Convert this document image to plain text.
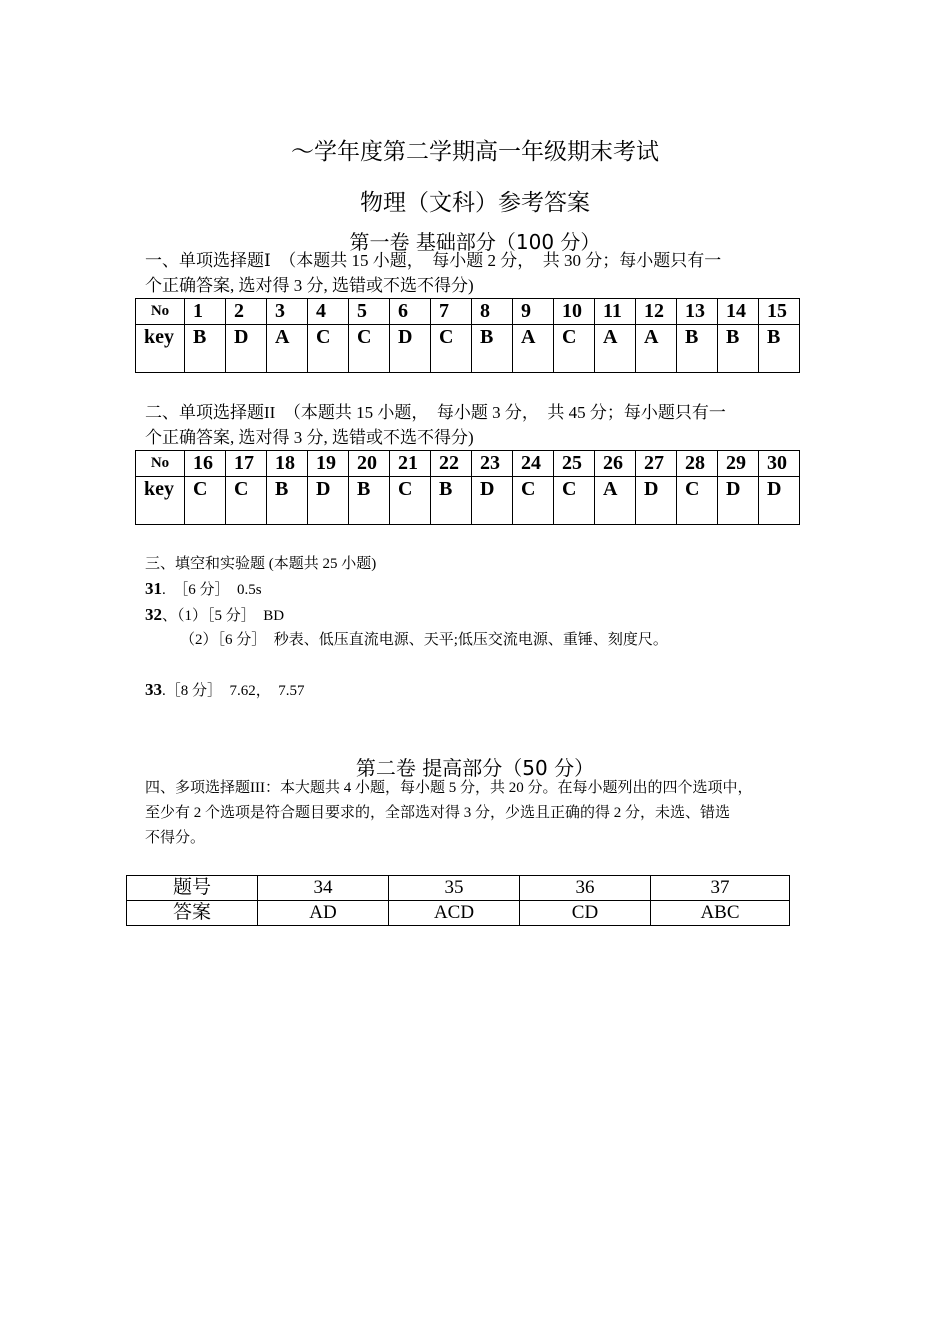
～学年度第二学期高一年级期末考试
物理（文科）参考答案
第一卷 基础部分（100 分）
一、单项选择题Ⅰ　（本题共 15 小题，　每小题 2 分，　共 30 分；每小题只有一
个正确答案, 选对得 3 分, 选错或不选不得分)
No	1	2	3	4	5	6	7	8	9	10	11	12	13	14	15
key	B	D	A	C	C	D	C	B	A	C	A	A	B	B	B
二、单项选择题II　（本题共 15 小题，　每小题 3 分，　共 45 分；每小题只有一
个正确答案, 选对得 3 分, 选错或不选不得分)
No	16	17	18	19	20	21	22	23	24	25	26	27	28	29	30
key	C	C	B	D	B	C	B	D	C	C	A	D	C	D	D
三、填空和实验题 (本题共 25 小题)
31.　［6 分］　0.5s
32、（1）［5 分］　BD
（2）［6 分］　秒表、低压直流电源、天平;低压交流电源、重锤、刻度尺。
33.［8 分］　7.62，　7.57
第二卷 提高部分（50 分）
四、多项选择题III：本大题共 4 小题，每小题 5 分，共 20 分。在每小题列出的四个选项中，
至少有 2 个选项是符合题目要求的，全部选对得 3 分，少选且正确的得 2 分，未选、错选
不得分。
题号	34	35	36	37
答案	AD	ACD	CD	ABC
